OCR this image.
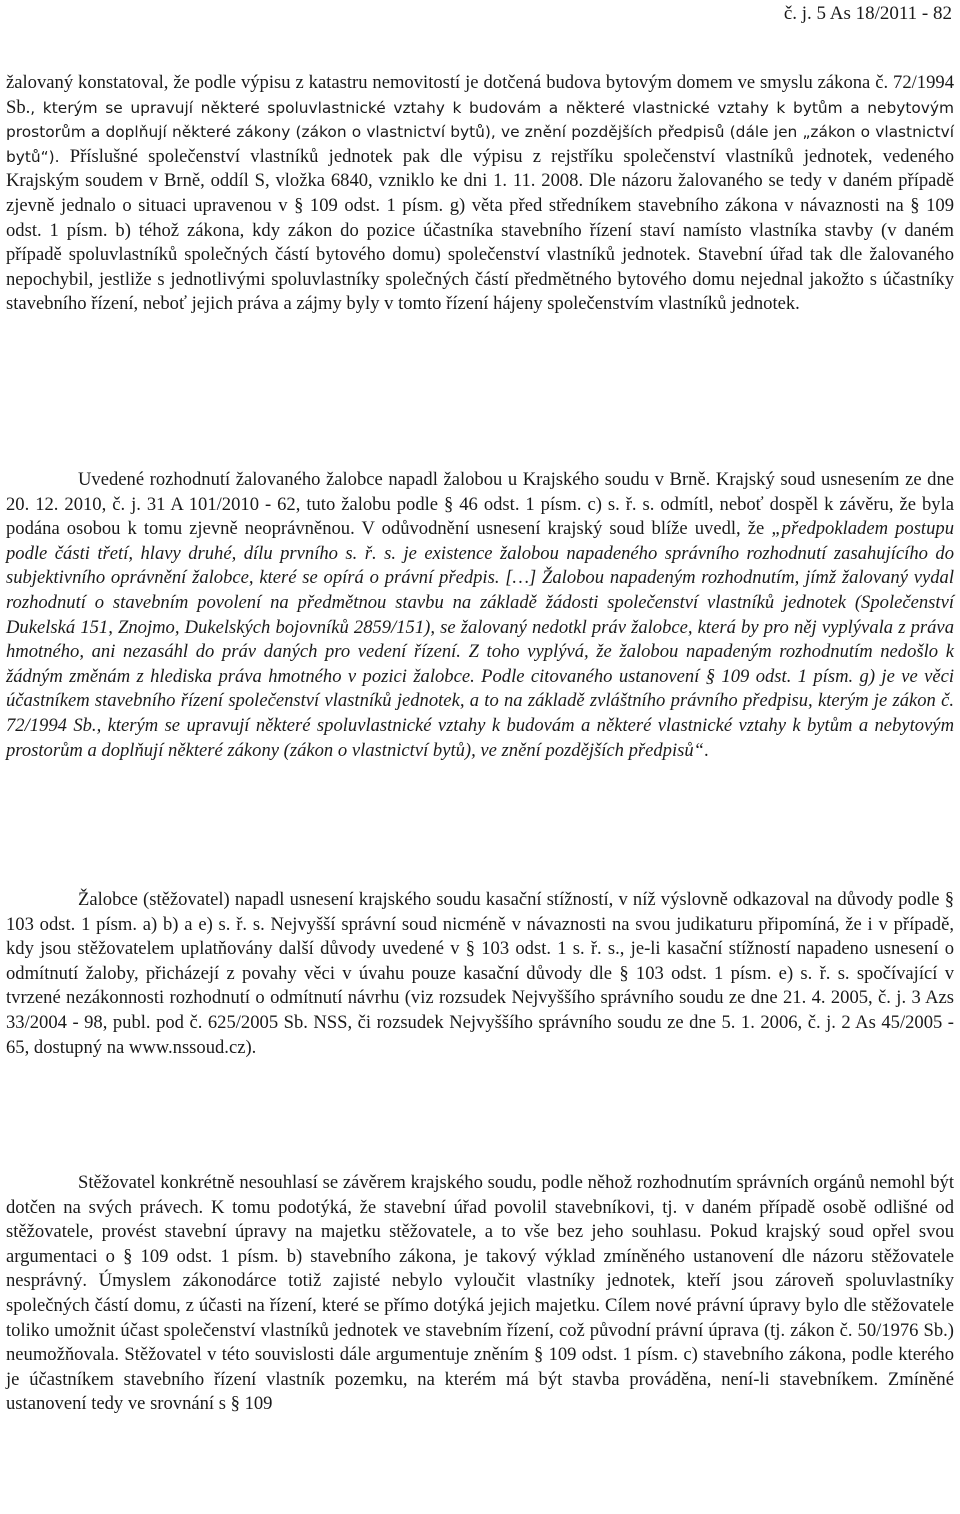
č. j. 5 As 18/2011 - 82
žalovaný konstatoval, že podle výpisu z katastru nemovitostí je dotčená budova bytovým domem ve smyslu zákona č. 72/1994 Sb., kterým se upravují některé spoluvlastnické vztahy k budovám a některé vlastnické vztahy k bytům a nebytovým prostorům a doplňují některé zákony (zákon o vlastnictví bytů), ve znění pozdějších předpisů (dále jen „zákon o vlastnictví bytů“). Příslušné společenství vlastníků jednotek pak dle výpisu z rejstříku společenství vlastníků jednotek, vedeného Krajským soudem v Brně, oddíl S, vložka 6840, vzniklo ke dni 1. 11. 2008. Dle názoru žalovaného se tedy v daném případě zjevně jednalo o situaci upravenou v § 109 odst. 1 písm. g) věta před středníkem stavebního zákona v návaznosti na § 109 odst. 1 písm. b) téhož zákona, kdy zákon do pozice účastníka stavebního řízení staví namísto vlastníka stavby (v daném případě spoluvlastníků společných částí bytového domu) společenství vlastníků jednotek. Stavební úřad tak dle žalovaného nepochybil, jestliže s jednotlivými spoluvlastníky společných částí předmětného bytového domu nejednal jakožto s účastníky stavebního řízení, neboť jejich práva a zájmy byly v tomto řízení hájeny společenstvím vlastníků jednotek.
Uvedené rozhodnutí žalovaného žalobce napadl žalobou u Krajského soudu v Brně. Krajský soud usnesením ze dne 20. 12. 2010, č. j. 31 A 101/2010 - 62, tuto žalobu podle § 46 odst. 1 písm. c) s. ř. s. odmítl, neboť dospěl k závěru, že byla podána osobou k tomu zjevně neoprávněnou. V odůvodnění usnesení krajský soud blíže uvedl, že „předpokladem postupu podle části třetí, hlavy druhé, dílu prvního s. ř. s. je existence žalobou napadeného správního rozhodnutí zasahujícího do subjektivního oprávnění žalobce, které se opírá o právní předpis. […] Žalobou napadeným rozhodnutím, jímž žalovaný vydal rozhodnutí o stavebním povolení na předmětnou stavbu na základě žádosti společenství vlastníků jednotek (Společenství Dukelská 151, Znojmo, Dukelských bojovníků 2859/151), se žalovaný nedotkl práv žalobce, která by pro něj vyplývala z práva hmotného, ani nezasáhl do práv daných pro vedení řízení. Z toho vyplývá, že žalobou napadeným rozhodnutím nedošlo k žádným změnám z hlediska práva hmotného v pozici žalobce. Podle citovaného ustanovení § 109 odst. 1 písm. g) je ve věci účastníkem stavebního řízení společenství vlastníků jednotek, a to na základě zvláštního právního předpisu, kterým je zákon č. 72/1994 Sb., kterým se upravují některé spoluvlastnické vztahy k budovám a některé vlastnické vztahy k bytům a nebytovým prostorům a doplňují některé zákony (zákon o vlastnictví bytů), ve znění pozdějších předpisů“.
Žalobce (stěžovatel) napadl usnesení krajského soudu kasační stížností, v níž výslovně odkazoval na důvody podle § 103 odst. 1 písm. a) b) a e) s. ř. s. Nejvyšší správní soud nicméně v návaznosti na svou judikaturu připomíná, že i v případě, kdy jsou stěžovatelem uplatňovány další důvody uvedené v § 103 odst. 1 s. ř. s., je-li kasační stížností napadeno usnesení o odmítnutí žaloby, přicházejí z povahy věci v úvahu pouze kasační důvody dle § 103 odst. 1 písm. e) s. ř. s. spočívající v tvrzené nezákonnosti rozhodnutí o odmítnutí návrhu (viz rozsudek Nejvyššího správního soudu ze dne 21. 4. 2005, č. j. 3 Azs 33/2004 - 98, publ. pod č. 625/2005 Sb. NSS, či rozsudek Nejvyššího správního soudu ze dne 5. 1. 2006, č. j. 2 As 45/2005 - 65, dostupný na www.nssoud.cz).
Stěžovatel konkrétně nesouhlasí se závěrem krajského soudu, podle něhož rozhodnutím správních orgánů nemohl být dotčen na svých právech. K tomu podotýká, že stavební úřad povolil stavebníkovi, tj. v daném případě osobě odlišné od stěžovatele, provést stavební úpravy na majetku stěžovatele, a to vše bez jeho souhlasu. Pokud krajský soud opřel svou argumentaci o § 109 odst. 1 písm. b) stavebního zákona, je takový výklad zmíněného ustanovení dle názoru stěžovatele nesprávný. Úmyslem zákonodárce totiž zajisté nebylo vyloučit vlastníky jednotek, kteří jsou zároveň spoluvlastníky společných částí domu, z účasti na řízení, které se přímo dotýká jejich majetku. Cílem nové právní úpravy bylo dle stěžovatele toliko umožnit účast společenství vlastníků jednotek ve stavebním řízení, což původní právní úprava (tj. zákon č. 50/1976 Sb.) neumožňovala. Stěžovatel v této souvislosti dále argumentuje zněním § 109 odst. 1 písm. c) stavebního zákona, podle kterého je účastníkem stavebního řízení vlastník pozemku, na kterém má být stavba prováděna, není-li stavebníkem. Zmíněné ustanovení tedy ve srovnání s § 109
